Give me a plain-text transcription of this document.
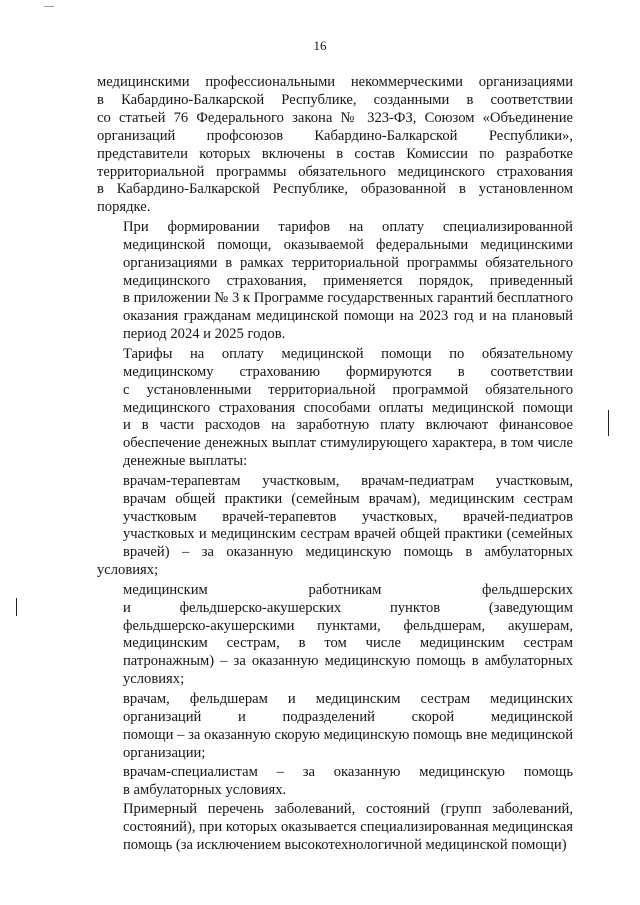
16

медицинскими профессиональными некоммерческими организациями
в Кабардино-Балкарской Республике, созданными в соответствии
со статьей 76 Федерального закона № 323-ФЗ, Союзом «Объединение
организаций профсоюзов Кабардино-Балкарской Республики»,
представители которых включены в состав Комиссии по разработке
территориальной программы обязательного медицинского страхования
в Кабардино-Балкарской Республике, образованной в установленном
порядке.

При формировании тарифов на оплату специализированной
медицинской помощи, оказываемой федеральными медицинскими
организациями в рамках территориальной программы обязательного
медицинского страхования, применяется порядок, приведенный
в приложении № 3 к Программе государственных гарантий бесплатного
оказания гражданам медицинской помощи на 2023 год и на плановый
период 2024 и 2025 годов.

Тарифы на оплату медицинской помощи по обязательному
медицинскому страхованию формируются в соответствии
с установленными территориальной программой обязательного
медицинского страхования способами оплаты медицинской помощи
и в части расходов на заработную плату включают финансовое
обеспечение денежных выплат стимулирующего характера, в том числе
денежные выплаты:

врачам-терапевтам участковым, врачам-педиатрам участковым,
врачам общей практики (семейным врачам), медицинским сестрам
участковым врачей-терапевтов участковых, врачей-педиатров
участковых и медицинским сестрам врачей общей практики (семейных
врачей) – за оказанную медицинскую помощь в амбулаторных условиях;

медицинским работникам фельдшерских
и фельдшерско-акушерских пунктов (заведующим
фельдшерско-акушерскими пунктами, фельдшерам, акушерам,
медицинским сестрам, в том числе медицинским сестрам
патронажным) – за оказанную медицинскую помощь в амбулаторных
условиях;

врачам, фельдшерам и медицинским сестрам медицинских
организаций и подразделений скорой медицинской
помощи – за оказанную скорую медицинскую помощь вне медицинской
организации;

врачам-специалистам – за оказанную медицинскую помощь
в амбулаторных условиях.

Примерный перечень заболеваний, состояний (групп заболеваний,
состояний), при которых оказывается специализированная медицинская
помощь (за исключением высокотехнологичной медицинской помощи)
